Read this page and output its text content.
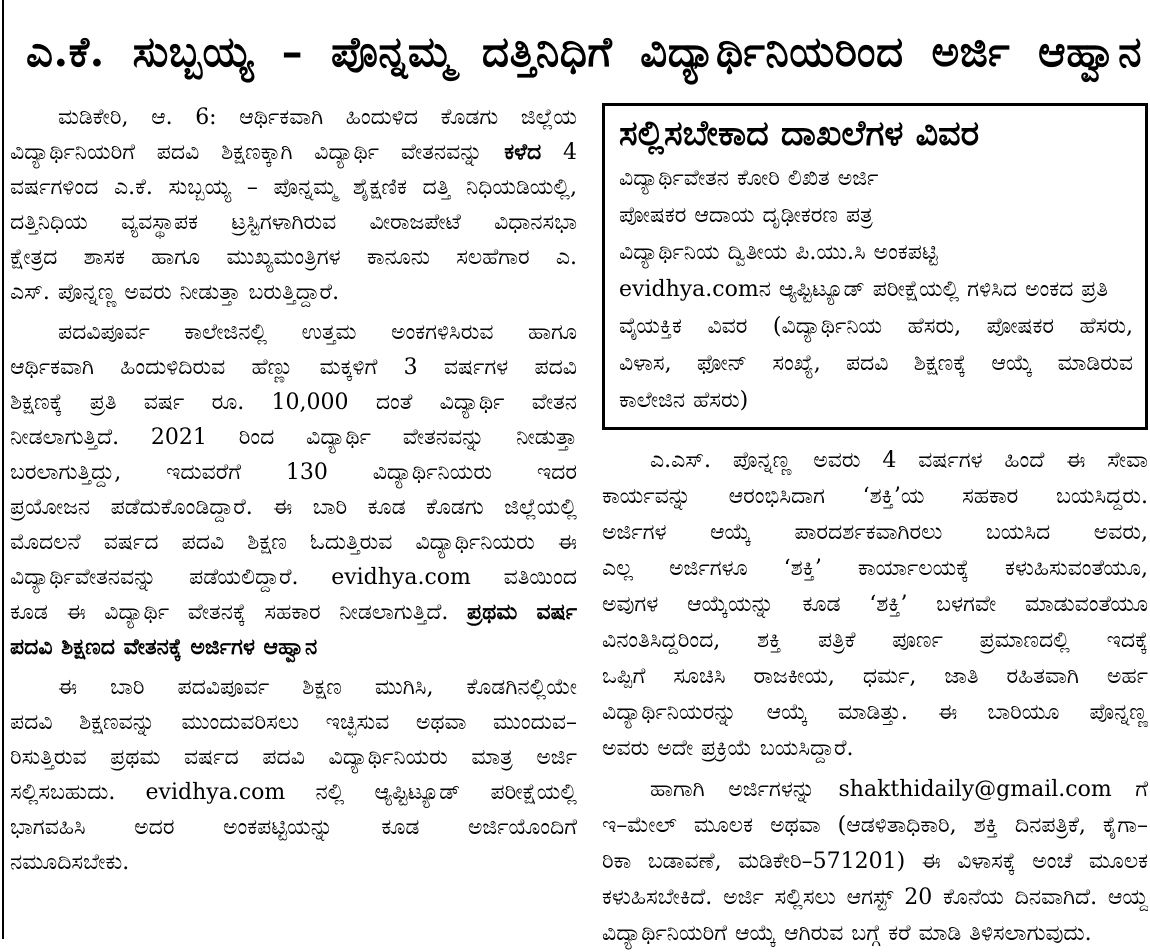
ಎ.ಕೆ. ಸುಬ್ಬಯ್ಯ – ಪೊನ್ನಮ್ಮ ದತ್ತಿನಿಧಿಗೆ ವಿದ್ಯಾರ್ಥಿನಿಯರಿಂದ ಅರ್ಜಿ ಆಹ್ವಾನ
ಮಡಿಕೇರಿ, ಆ. 6: ಆರ್ಥಿಕವಾಗಿ ಹಿಂದುಳಿದ ಕೊಡಗು ಜಿಲ್ಲೆಯ
ವಿದ್ಯಾರ್ಥಿನಿಯರಿಗೆ ಪದವಿ ಶಿಕ್ಷಣಕ್ಕಾಗಿ ವಿದ್ಯಾರ್ಥಿ ವೇತನವನ್ನು ಕಳೆದ 4
ವರ್ಷಗಳಿಂದ ಎ.ಕೆ. ಸುಬ್ಬಯ್ಯ – ಪೊನ್ನಮ್ಮ ಶೈಕ್ಷಣಿಕ ದತ್ತಿ ನಿಧಿಯಡಿಯಲ್ಲಿ,
ದತ್ತಿನಿಧಿಯ ವ್ಯವಸ್ಥಾಪಕ ಟ್ರಸ್ಟಿಗಳಾಗಿರುವ ವೀರಾಜಪೇಟೆ ವಿಧಾನಸಭಾ
ಕ್ಷೇತ್ರದ ಶಾಸಕ ಹಾಗೂ ಮುಖ್ಯಮಂತ್ರಿಗಳ ಕಾನೂನು ಸಲಹೆಗಾರ ಎ.
ಎಸ್. ಪೊನ್ನಣ್ಣ ಅವರು ನೀಡುತ್ತಾ ಬರುತ್ತಿದ್ದಾರೆ.
ಪದವಿಪೂರ್ವ ಕಾಲೇಜಿನಲ್ಲಿ ಉತ್ತಮ ಅಂಕಗಳಿಸಿರುವ ಹಾಗೂ
ಆರ್ಥಿಕವಾಗಿ ಹಿಂದುಳಿದಿರುವ ಹೆಣ್ಣು ಮಕ್ಕಳಿಗೆ 3 ವರ್ಷಗಳ ಪದವಿ
ಶಿಕ್ಷಣಕ್ಕೆ ಪ್ರತಿ ವರ್ಷ ರೂ. 10,000 ದಂತೆ ವಿದ್ಯಾರ್ಥಿ ವೇತನ
ನೀಡಲಾಗುತ್ತಿದೆ. 2021 ರಿಂದ ವಿದ್ಯಾರ್ಥಿ ವೇತನವನ್ನು ನೀಡುತ್ತಾ
ಬರಲಾಗುತ್ತಿದ್ದು, ಇದುವರೆಗೆ 130 ವಿದ್ಯಾರ್ಥಿನಿಯರು ಇದರ
ಪ್ರಯೋಜನ ಪಡೆದುಕೊಂಡಿದ್ದಾರೆ. ಈ ಬಾರಿ ಕೂಡ ಕೊಡಗು ಜಿಲ್ಲೆಯಲ್ಲಿ
ಮೊದಲನೆ ವರ್ಷದ ಪದವಿ ಶಿಕ್ಷಣ ಓದುತ್ತಿರುವ ವಿದ್ಯಾರ್ಥಿನಿಯರು ಈ
ವಿದ್ಯಾರ್ಥಿವೇತನವನ್ನು ಪಡೆಯಲಿದ್ದಾರೆ. evidhya.com ವತಿಯಿಂದ
ಕೂಡ ಈ ವಿದ್ಯಾರ್ಥಿ ವೇತನಕ್ಕೆ ಸಹಕಾರ ನೀಡಲಾಗುತ್ತಿದೆ. ಪ್ರಥಮ ವರ್ಷ
ಪದವಿ ಶಿಕ್ಷಣದ ವೇತನಕ್ಕೆ ಅರ್ಜಿಗಳ ಆಹ್ವಾನ
ಈ ಬಾರಿ ಪದವಿಪೂರ್ವ ಶಿಕ್ಷಣ ಮುಗಿಸಿ, ಕೊಡಗಿನಲ್ಲಿಯೇ
ಪದವಿ ಶಿಕ್ಷಣವನ್ನು ಮುಂದುವರಿಸಲು ಇಚ್ಛಿಸುವ ಅಥವಾ ಮುಂದುವ–
ರಿಸುತ್ತಿರುವ ಪ್ರಥಮ ವರ್ಷದ ಪದವಿ ವಿದ್ಯಾರ್ಥಿನಿಯರು ಮಾತ್ರ ಅರ್ಜಿ
ಸಲ್ಲಿಸಬಹುದು. evidhya.com ನಲ್ಲಿ ಆ್ಯಪ್ಟಿಟ್ಯೂಡ್ ಪರೀಕ್ಷೆಯಲ್ಲಿ
ಭಾಗವಹಿಸಿ ಅದರ ಅಂಕಪಟ್ಟಿಯನ್ನು ಕೂಡ ಅರ್ಜಿಯೊಂದಿಗೆ
ನಮೂದಿಸಬೇಕು.
ಸಲ್ಲಿಸಬೇಕಾದ ದಾಖಲೆಗಳ ವಿವರ
ವಿದ್ಯಾರ್ಥಿವೇತನ ಕೋರಿ ಲಿಖಿತ ಅರ್ಜಿ
ಪೋಷಕರ ಆದಾಯ ದೃಢೀಕರಣ ಪತ್ರ
ವಿದ್ಯಾರ್ಥಿನಿಯ ದ್ವಿತೀಯ ಪಿ.ಯು.ಸಿ ಅಂಕಪಟ್ಟಿ
evidhya.comನ ಆ್ಯಪ್ಟಿಟ್ಯೂಡ್ ಪರೀಕ್ಷೆಯಲ್ಲಿ ಗಳಿಸಿದ ಅಂಕದ ಪ್ರತಿ
ವೈಯಕ್ತಿಕ ವಿವರ (ವಿದ್ಯಾರ್ಥಿನಿಯ ಹೆಸರು, ಪೋಷಕರ ಹೆಸರು,
ವಿಳಾಸ, ಫೋನ್ ಸಂಖ್ಯೆ, ಪದವಿ ಶಿಕ್ಷಣಕ್ಕೆ ಆಯ್ಕೆ ಮಾಡಿರುವ
ಕಾಲೇಜಿನ ಹೆಸರು)
ಎ.ಎಸ್. ಪೊನ್ನಣ್ಣ ಅವರು 4 ವರ್ಷಗಳ ಹಿಂದೆ ಈ ಸೇವಾ
ಕಾರ್ಯವನ್ನು ಆರಂಭಿಸಿದಾಗ ‘ಶಕ್ತಿ’ಯ ಸಹಕಾರ ಬಯಸಿದ್ದರು.
ಅರ್ಜಿಗಳ ಆಯ್ಕೆ ಪಾರದರ್ಶಕವಾಗಿರಲು ಬಯಸಿದ ಅವರು,
ಎಲ್ಲ ಅರ್ಜಿಗಳೂ ‘ಶಕ್ತಿ’ ಕಾರ್ಯಾಲಯಕ್ಕೆ ಕಳುಹಿಸುವಂತೆಯೂ,
ಅವುಗಳ ಆಯ್ಕೆಯನ್ನು ಕೂಡ ‘ಶಕ್ತಿ’ ಬಳಗವೇ ಮಾಡುವಂತೆಯೂ
ವಿನಂತಿಸಿದ್ದರಿಂದ, ಶಕ್ತಿ ಪತ್ರಿಕೆ ಪೂರ್ಣ ಪ್ರಮಾಣದಲ್ಲಿ ಇದಕ್ಕೆ
ಒಪ್ಪಿಗೆ ಸೂಚಿಸಿ ರಾಜಕೀಯ, ಧರ್ಮ, ಜಾತಿ ರಹಿತವಾಗಿ ಅರ್ಹ
ವಿದ್ಯಾರ್ಥಿನಿಯರನ್ನು ಆಯ್ಕೆ ಮಾಡಿತ್ತು. ಈ ಬಾರಿಯೂ ಪೊನ್ನಣ್ಣ
ಅವರು ಅದೇ ಪ್ರಕ್ರಿಯೆ ಬಯಸಿದ್ದಾರೆ.
ಹಾಗಾಗಿ ಅರ್ಜಿಗಳನ್ನು shakthidaily@gmail.com ಗೆ
ಇ–ಮೇಲ್ ಮೂಲಕ ಅಥವಾ (ಆಡಳಿತಾಧಿಕಾರಿ, ಶಕ್ತಿ ದಿನಪತ್ರಿಕೆ, ಕೈಗಾ–
ರಿಕಾ ಬಡಾವಣೆ, ಮಡಿಕೇರಿ–571201) ಈ ವಿಳಾಸಕ್ಕೆ ಅಂಚೆ ಮೂಲಕ
ಕಳುಹಿಸಬೇಕಿದೆ. ಅರ್ಜಿ ಸಲ್ಲಿಸಲು ಆಗಸ್ಟ್ 20 ಕೊನೆಯ ದಿನವಾಗಿದೆ. ಆಯ್ದ
ವಿದ್ಯಾರ್ಥಿನಿಯರಿಗೆ ಆಯ್ಕೆ ಆಗಿರುವ ಬಗ್ಗೆ ಕರೆ ಮಾಡಿ ತಿಳಿಸಲಾಗುವುದು.
